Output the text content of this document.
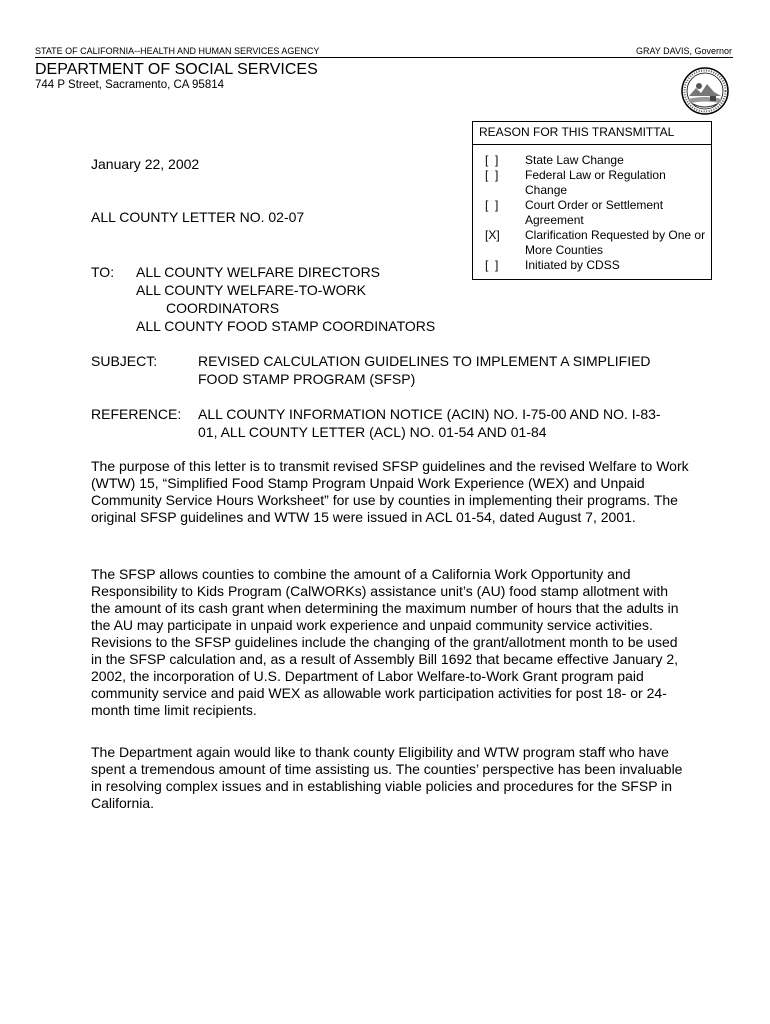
STATE OF CALIFORNIA--HEALTH AND HUMAN SERVICES AGENCY	GRAY DAVIS, Governor
DEPARTMENT OF SOCIAL SERVICES
744 P Street, Sacramento, CA 95814
REASON FOR THIS TRANSMITTAL
[  ]	State Law Change
[  ]	Federal Law or Regulation Change
[  ]	Court Order or Settlement Agreement
[X]	Clarification Requested by One or More Counties
[  ]	Initiated by CDSS
January 22, 2002
ALL COUNTY LETTER NO. 02-07
TO: ALL COUNTY WELFARE DIRECTORS
ALL COUNTY WELFARE-TO-WORK
COORDINATORS
ALL COUNTY FOOD STAMP COORDINATORS
SUBJECT:	REVISED CALCULATION GUIDELINES TO IMPLEMENT A SIMPLIFIED FOOD STAMP PROGRAM (SFSP)
REFERENCE: ALL COUNTY INFORMATION NOTICE (ACIN) NO. I-75-00 AND NO. I-83-01, ALL COUNTY LETTER (ACL) NO. 01-54 AND 01-84
The purpose of this letter is to transmit revised SFSP guidelines and the revised Welfare to Work (WTW) 15, “Simplified Food Stamp Program Unpaid Work Experience (WEX) and Unpaid Community Service Hours Worksheet” for use by counties in implementing their programs. The original SFSP guidelines and WTW 15 were issued in ACL 01-54, dated August 7, 2001.
The SFSP allows counties to combine the amount of a California Work Opportunity and Responsibility to Kids Program (CalWORKs) assistance unit’s (AU) food stamp allotment with the amount of its cash grant when determining the maximum number of hours that the adults in the AU may participate in unpaid work experience and unpaid community service activities. Revisions to the SFSP guidelines include the changing of the grant/allotment month to be used in the SFSP calculation and, as a result of Assembly Bill 1692 that became effective January 2, 2002, the incorporation of U.S. Department of Labor Welfare-to-Work Grant program paid community service and paid WEX as allowable work participation activities for post 18- or 24-month time limit recipients.
The Department again would like to thank county Eligibility and WTW program staff who have spent a tremendous amount of time assisting us. The counties’ perspective has been invaluable in resolving complex issues and in establishing viable policies and procedures for the SFSP in California.
